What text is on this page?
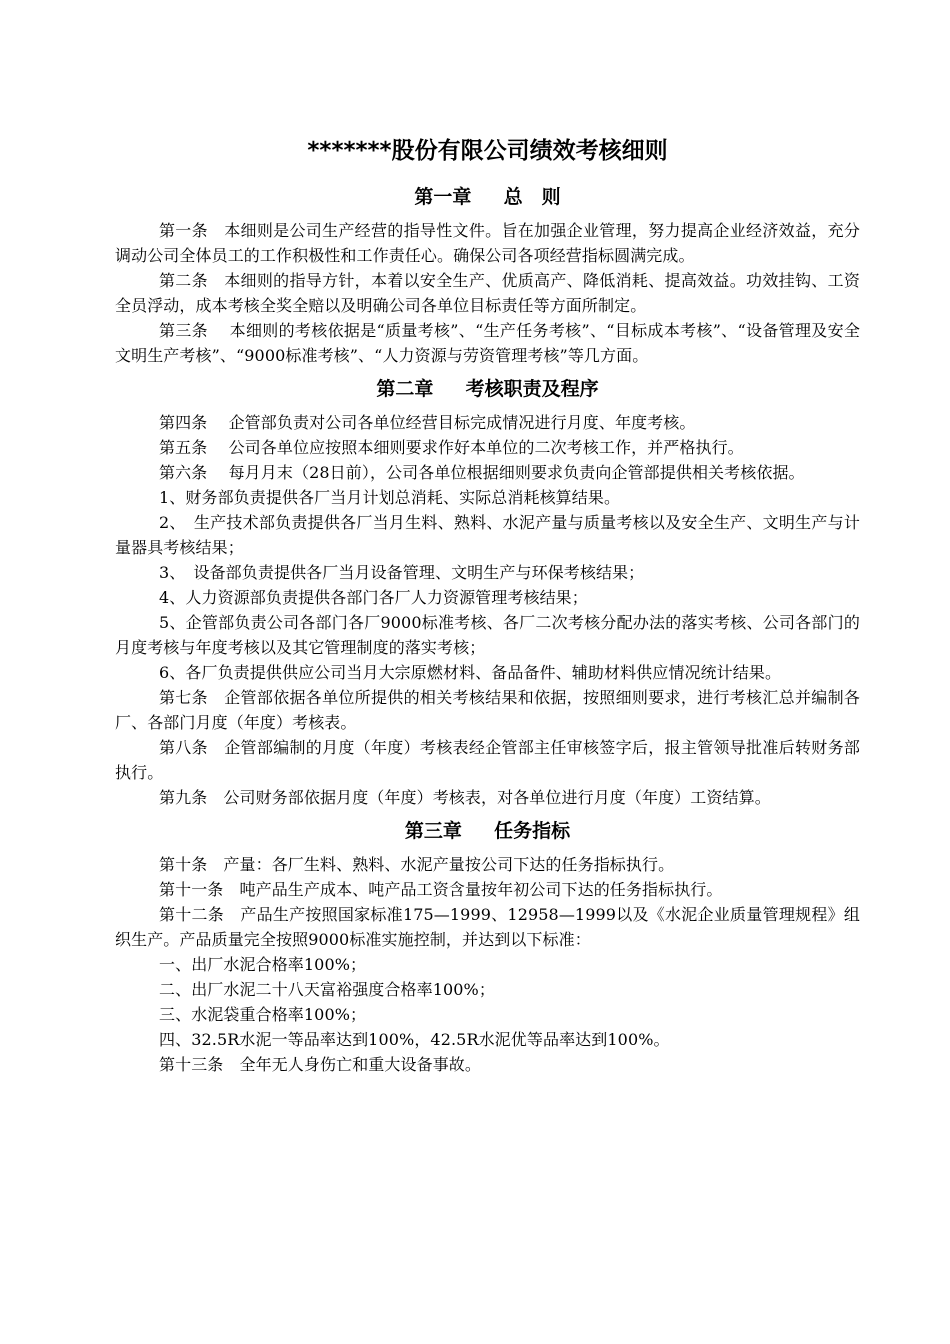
*******股份有限公司绩效考核细则
第一章　  总　则

第一条　本细则是公司生产经营的指导性文件。旨在加强企业管理，努力提高企业经济效益，充分调动公司全体员工的工作积极性和工作责任心。确保公司各项经营指标圆满完成。

第二条　本细则的指导方针，本着以安全生产、优质高产、降低消耗、提高效益。功效挂钩、工资全员浮动，成本考核全奖全赔以及明确公司各单位目标责任等方面所制定。

第三条　 本细则的考核依据是“质量考核”、“生产任务考核”、“目标成本考核”、“设备管理及安全文明生产考核”、“9000标准考核”、“人力资源与劳资管理考核”等几方面。

第二章　  考核职责及程序

第四条　 企管部负责对公司各单位经营目标完成情况进行月度、年度考核。

第五条　 公司各单位应按照本细则要求作好本单位的二次考核工作，并严格执行。

第六条　 每月月末（28日前），公司各单位根据细则要求负责向企管部提供相关考核依据。

1、财务部负责提供各厂当月计划总消耗、实际总消耗核算结果。

2、　生产技术部负责提供各厂当月生料、熟料、水泥产量与质量考核以及安全生产、文明生产与计量器具考核结果；

3、　设备部负责提供各厂当月设备管理、文明生产与环保考核结果；

4、人力资源部负责提供各部门各厂人力资源管理考核结果；

5、企管部负责公司各部门各厂9000标准考核、各厂二次考核分配办法的落实考核、公司各部门的月度考核与年度考核以及其它管理制度的落实考核；

6、各厂负责提供供应公司当月大宗原燃材料、备品备件、辅助材料供应情况统计结果。

第七条　企管部依据各单位所提供的相关考核结果和依据，按照细则要求，进行考核汇总并编制各厂、各部门月度（年度）考核表。

第八条　企管部编制的月度（年度）考核表经企管部主任审核签字后，报主管领导批准后转财务部执行。

第九条　公司财务部依据月度（年度）考核表，对各单位进行月度（年度）工资结算。

第三章　  任务指标

第十条　产量：各厂生料、熟料、水泥产量按公司下达的任务指标执行。

第十一条　吨产品生产成本、吨产品工资含量按年初公司下达的任务指标执行。

第十二条　产品生产按照国家标准175—1999、12958—1999以及《水泥企业质量管理规程》组织生产。产品质量完全按照9000标准实施控制，并达到以下标准：

一、出厂水泥合格率100%；

二、出厂水泥二十八天富裕强度合格率100%；

三、水泥袋重合格率100%；

四、32.5R水泥一等品率达到100%，42.5R水泥优等品率达到100%。

第十三条　全年无人身伤亡和重大设备事故。
